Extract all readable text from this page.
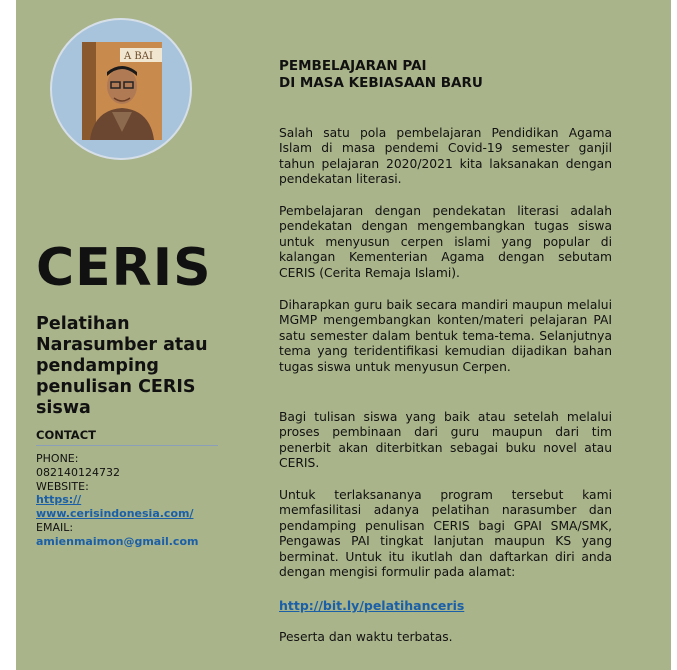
A BAI
CERIS

Pelatihan Narasumber atau pendamping penulisan CERIS siswa

CONTACT
PHONE:
082140124732
WEBSITE:
https://
www.cerisindonesia.com/
EMAIL:
amienmaimon@gmail.com
PEMBELAJARAN PAI
DI MASA KEBIASAAN BARU

Salah satu pola pembelajaran Pendidikan Agama Islam di masa pendemi Covid-19 semester ganjil tahun pelajaran 2020/2021 kita laksanakan dengan pendekatan literasi.

Pembelajaran dengan pendekatan literasi adalah pendekatan dengan mengembangkan tugas siswa untuk menyusun cerpen islami yang popular di kalangan Kementerian Agama dengan sebutam CERIS (Cerita Remaja Islami).

Diharapkan guru baik secara mandiri maupun melalui MGMP mengembangkan konten/materi pelajaran PAI satu semester dalam bentuk tema-tema. Selanjutnya tema yang teridentifikasi kemudian dijadikan bahan tugas siswa untuk menyusun Cerpen.

Bagi tulisan siswa yang baik atau setelah melalui proses pembinaan dari guru maupun dari tim penerbit akan diterbitkan sebagai buku novel atau CERIS.

Untuk terlaksananya program tersebut kami memfasilitasi adanya pelatihan narasumber dan pendamping penulisan CERIS bagi GPAI SMA/SMK, Pengawas PAI tingkat lanjutan maupun KS yang berminat. Untuk itu ikutlah dan daftarkan diri anda dengan mengisi formulir pada alamat:

http://bit.ly/pelatihanceris

Peserta dan waktu terbatas.
